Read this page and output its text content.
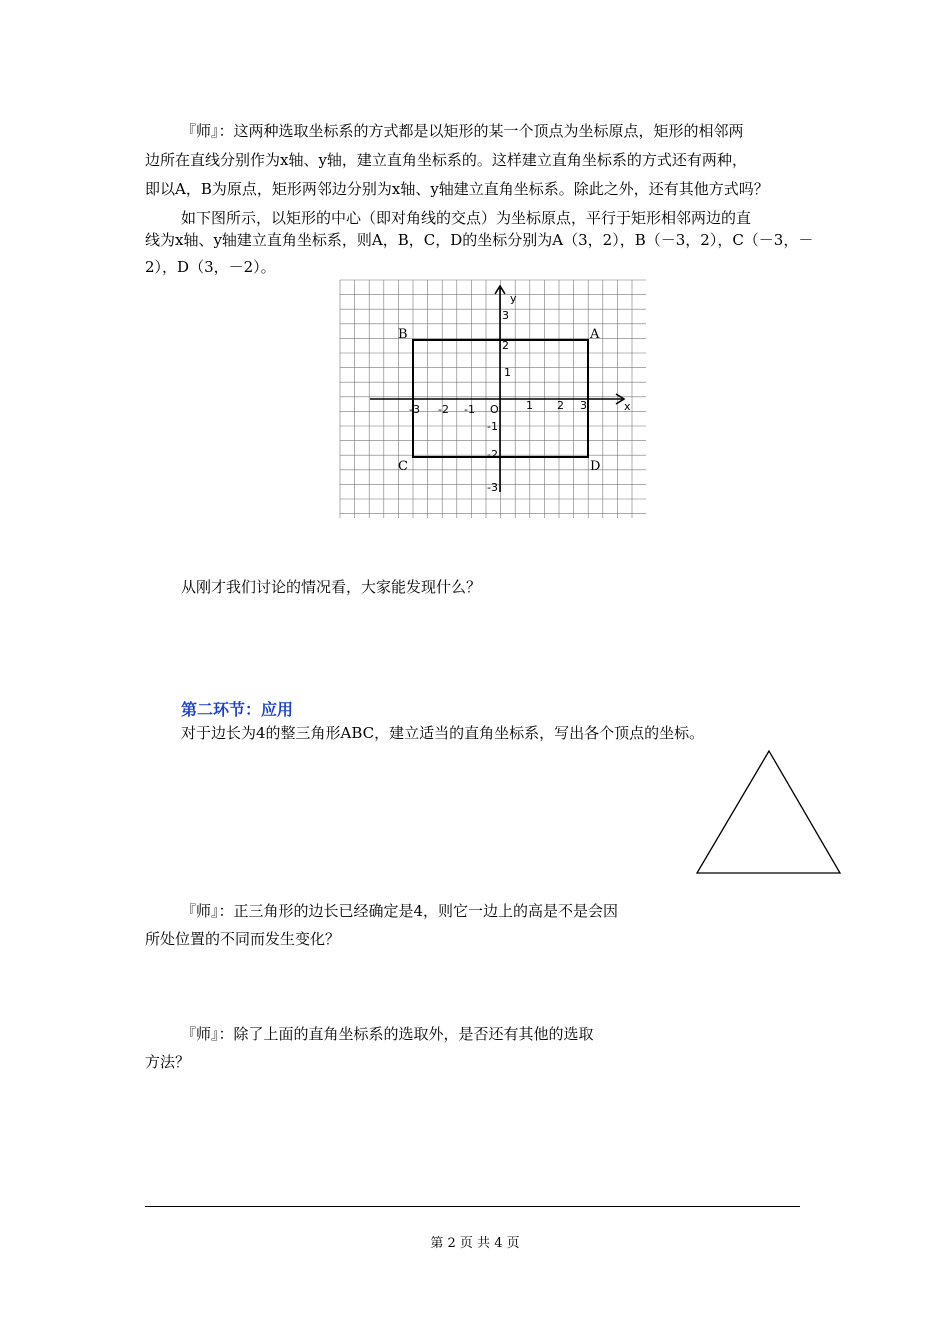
『师』：这两种选取坐标系的方式都是以矩形的某一个顶点为坐标原点，矩形的相邻两
边所在直线分别作为x轴、y轴，建立直角坐标系的。这样建立直角坐标系的方式还有两种，
即以A，B为原点，矩形两邻边分别为x轴、y轴建立直角坐标系。除此之外，还有其他方式吗？
如下图所示，以矩形的中心（即对角线的交点）为坐标原点，平行于矩形相邻两边的直
线为x轴、y轴建立直角坐标系，则A，B，C，D的坐标分别为A（3，2），B（－3，2），C（－3，－
2），D（3，－2）。
x
y
O
-3 -2 -1	1 2 3
3
2
1
-1
-2
-3
A
B
C	D
从刚才我们讨论的情况看，大家能发现什么？
第二环节：应用
对于边长为4的整三角形ABC，建立适当的直角坐标系，写出各个顶点的坐标。
『师』：正三角形的边长已经确定是4，则它一边上的高是不是会因
所处位置的不同而发生变化？
『师』：除了上面的直角坐标系的选取外，是否还有其他的选取
方法？
第 2 页 共 4 页
